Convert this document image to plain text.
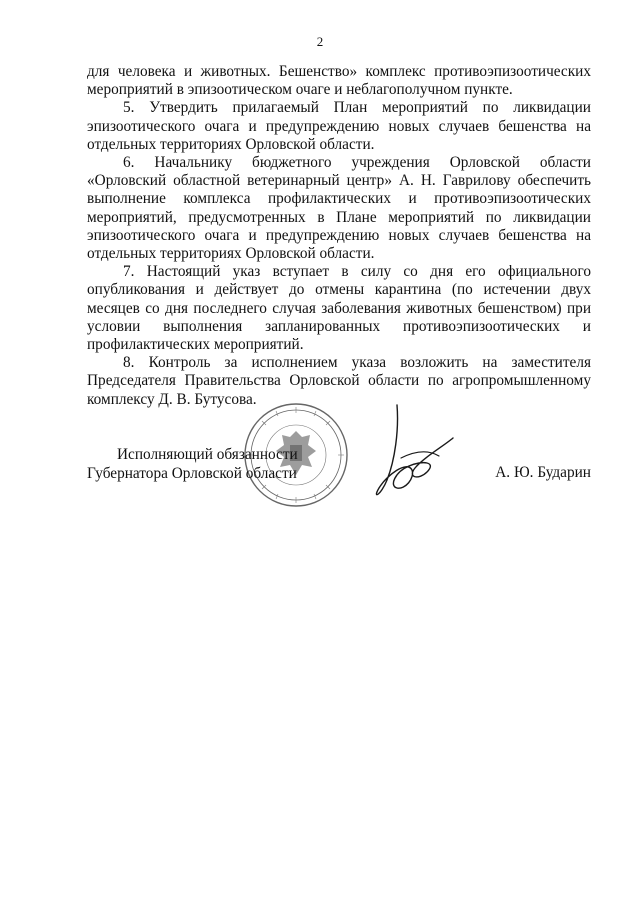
2

для человека и животных. Бешенство» комплекс противоэпизоотических мероприятий в эпизоотическом очаге и неблагополучном пункте.

5. Утвердить прилагаемый План мероприятий по ликвидации эпизоотического очага и предупреждению новых случаев бешенства на отдельных территориях Орловской области.

6. Начальнику бюджетного учреждения Орловской области «Орловский областной ветеринарный центр» А. Н. Гаврилову обеспечить выполнение комплекса профилактических и противоэпизоотических мероприятий, предусмотренных в Плане мероприятий по ликвидации эпизоотического очага и предупреждению новых случаев бешенства на отдельных территориях Орловской области.

7. Настоящий указ вступает в силу со дня его официального опубликования и действует до отмены карантина (по истечении двух месяцев со дня последнего случая заболевания животных бешенством) при условии выполнения запланированных противоэпизоотических и профилактических мероприятий.

8. Контроль за исполнением указа возложить на заместителя Председателя Правительства Орловской области по агропромышленному комплексу Д. В. Бутусова.

Исполняющий обязанности
Губернатора Орловской области	А. Ю. Бударин
